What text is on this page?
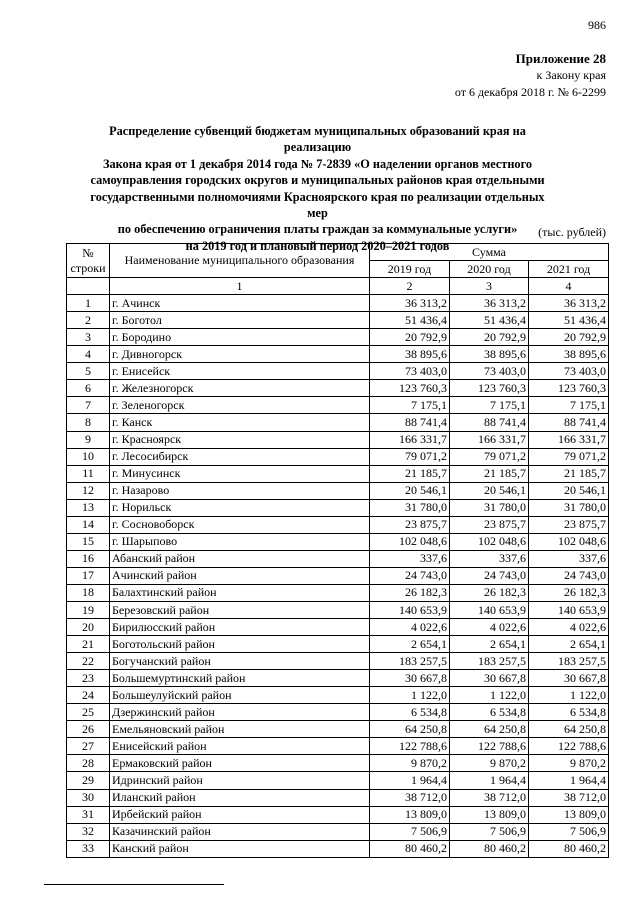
986
Приложение 28
к Закону края
от 6 декабря 2018 г. № 6-2299
Распределение субвенций бюджетам муниципальных образований края на реализацию
Закона края от 1 декабря 2014 года № 7-2839 «О наделении органов местного
самоуправления городских округов и муниципальных районов края отдельными
государственными полномочиями Красноярского края по реализации отдельных мер
по обеспечению ограничения платы граждан за коммунальные услуги»
на 2019 год и плановый период 2020–2021 годов
(тыс. рублей)
№
строки	Наименование муниципального образования	Сумма		
		2019 год	2020 год	2021 год
	1	2	3	4
1	г. Ачинск	36 313,2	36 313,2	36 313,2
2	г. Боготол	51 436,4	51 436,4	51 436,4
3	г. Бородино	20 792,9	20 792,9	20 792,9
4	г. Дивногорск	38 895,6	38 895,6	38 895,6
5	г. Енисейск	73 403,0	73 403,0	73 403,0
6	г. Железногорск	123 760,3	123 760,3	123 760,3
7	г. Зеленогорск	7 175,1	7 175,1	7 175,1
8	г. Канск	88 741,4	88 741,4	88 741,4
9	г. Красноярск	166 331,7	166 331,7	166 331,7
10	г. Лесосибирск	79 071,2	79 071,2	79 071,2
11	г. Минусинск	21 185,7	21 185,7	21 185,7
12	г. Назарово	20 546,1	20 546,1	20 546,1
13	г. Норильск	31 780,0	31 780,0	31 780,0
14	г. Сосновоборск	23 875,7	23 875,7	23 875,7
15	г. Шарыпово	102 048,6	102 048,6	102 048,6
16	Абанский район	337,6	337,6	337,6
17	Ачинский район	24 743,0	24 743,0	24 743,0
18	Балахтинский район	26 182,3	26 182,3	26 182,3
19	Березовский район	140 653,9	140 653,9	140 653,9
20	Бирилюсский район	4 022,6	4 022,6	4 022,6
21	Боготольский район	2 654,1	2 654,1	2 654,1
22	Богучанский район	183 257,5	183 257,5	183 257,5
23	Большемуртинский район	30 667,8	30 667,8	30 667,8
24	Большеулуйский район	1 122,0	1 122,0	1 122,0
25	Дзержинский район	6 534,8	6 534,8	6 534,8
26	Емельяновский район	64 250,8	64 250,8	64 250,8
27	Енисейский район	122 788,6	122 788,6	122 788,6
28	Ермаковский район	9 870,2	9 870,2	9 870,2
29	Идринский район	1 964,4	1 964,4	1 964,4
30	Иланский район	38 712,0	38 712,0	38 712,0
31	Ирбейский район	13 809,0	13 809,0	13 809,0
32	Казачинский район	7 506,9	7 506,9	7 506,9
33	Канский район	80 460,2	80 460,2	80 460,2
